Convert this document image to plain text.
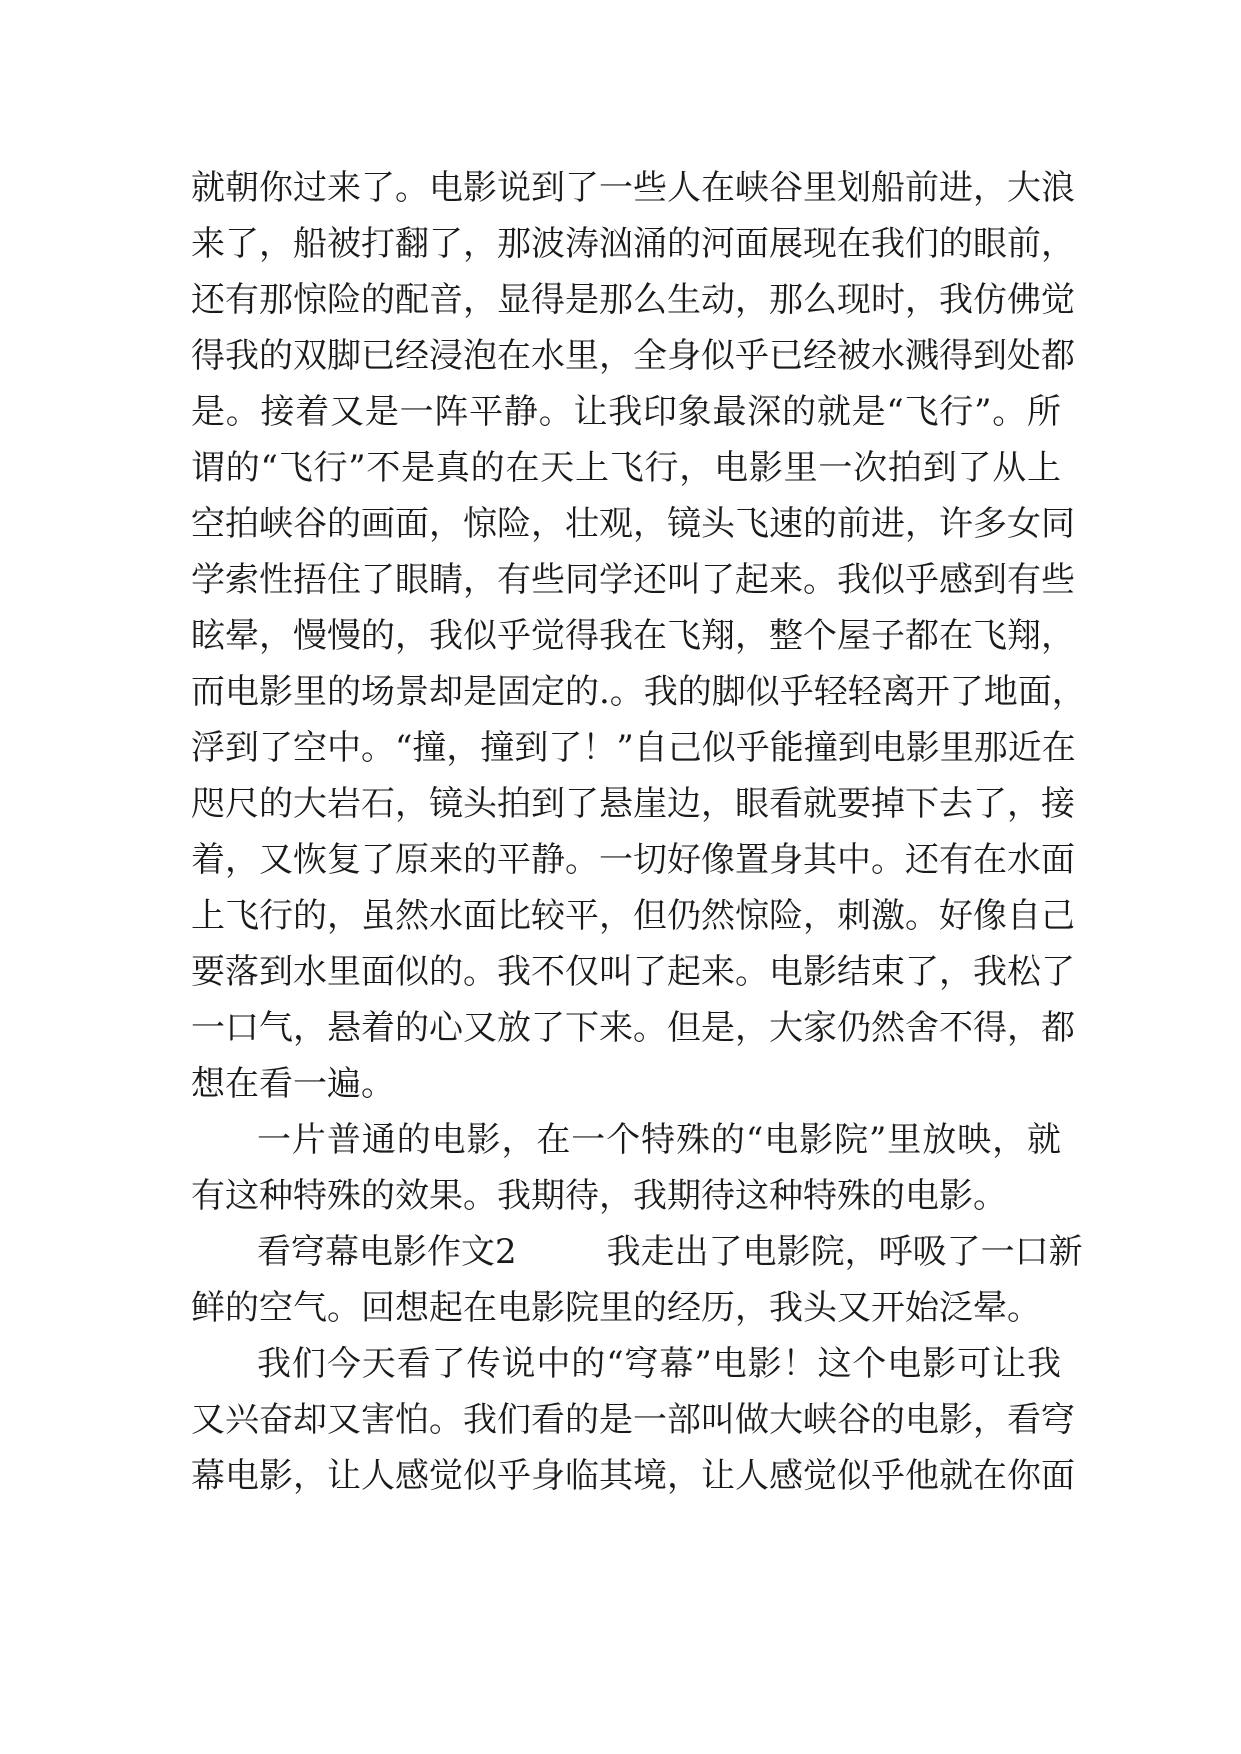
就朝你过来了。电影说到了一些人在峡谷里划船前进，大浪
来了，船被打翻了，那波涛汹涌的河面展现在我们的眼前，
还有那惊险的配音，显得是那么生动，那么现时，我仿佛觉
得我的双脚已经浸泡在水里，全身似乎已经被水溅得到处都
是。接着又是一阵平静。让我印象最深的就是“飞行”。所
谓的“飞行”不是真的在天上飞行，电影里一次拍到了从上
空拍峡谷的画面，惊险，壮观，镜头飞速的前进，许多女同
学索性捂住了眼睛，有些同学还叫了起来。我似乎感到有些
眩晕，慢慢的，我似乎觉得我在飞翔，整个屋子都在飞翔，
而电影里的场景却是固定的.。我的脚似乎轻轻离开了地面，
浮到了空中。“撞，撞到了！”自己似乎能撞到电影里那近在
咫尺的大岩石，镜头拍到了悬崖边，眼看就要掉下去了，接
着，又恢复了原来的平静。一切好像置身其中。还有在水面
上飞行的，虽然水面比较平，但仍然惊险，刺激。好像自己
要落到水里面似的。我不仅叫了起来。电影结束了，我松了
一口气，悬着的心又放了下来。但是，大家仍然舍不得，都
想在看一遍。
一片普通的电影，在一个特殊的“电影院”里放映，就
有这种特殊的效果。我期待，我期待这种特殊的电影。
看穹幕电影作文2	我走出了电影院，呼吸了一口新
鲜的空气。回想起在电影院里的经历，我头又开始泛晕。
我们今天看了传说中的“穹幕”电影！这个电影可让我
又兴奋却又害怕。我们看的是一部叫做大峡谷的电影，看穹
幕电影，让人感觉似乎身临其境，让人感觉似乎他就在你面
